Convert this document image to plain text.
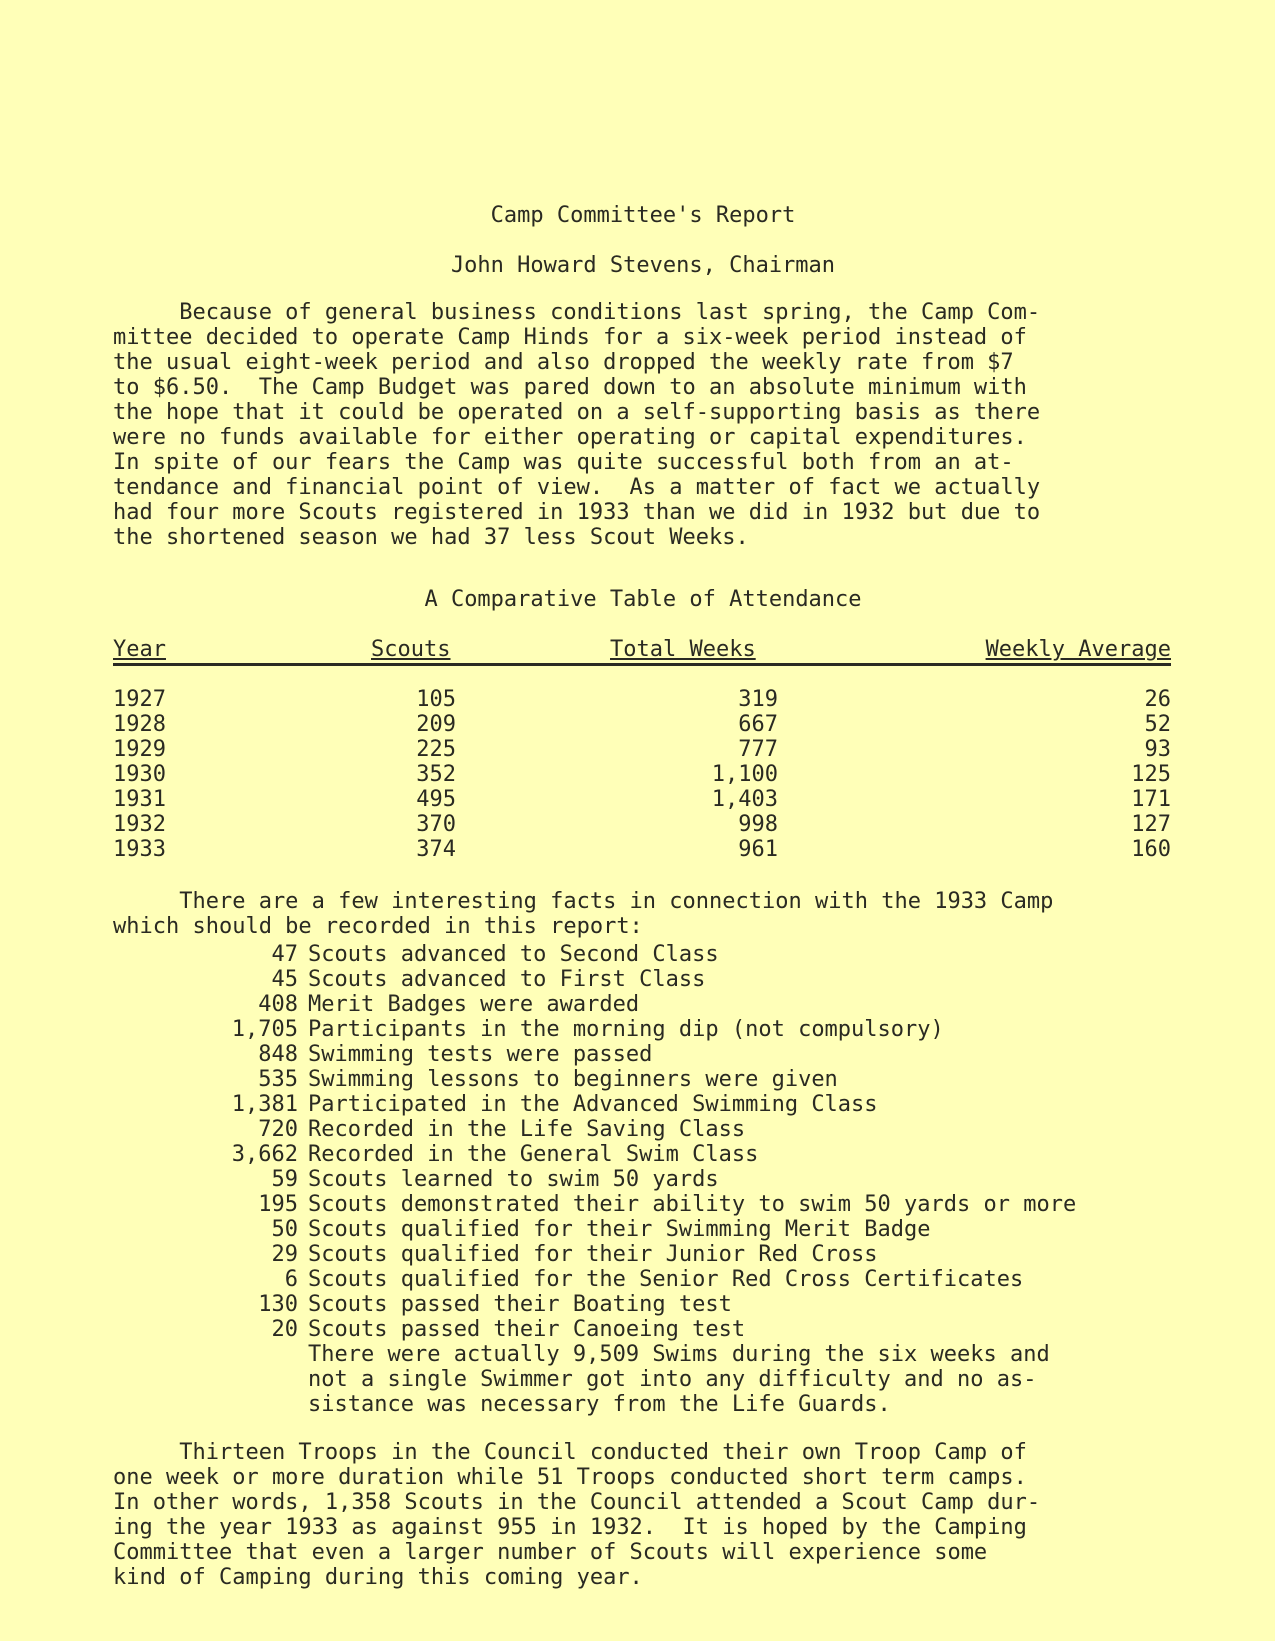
Camp Committee's Report
John Howard Stevens, Chairman
Because of general business conditions last spring, the Camp Com-
mittee decided to operate Camp Hinds for a six-week period instead of
the usual eight-week period and also dropped the weekly rate from $7
to $6.50.  The Camp Budget was pared down to an absolute minimum with
the hope that it could be operated on a self-supporting basis as there
were no funds available for either operating or capital expenditures.
In spite of our fears the Camp was quite successful both from an at-
tendance and financial point of view.  As a matter of fact we actually
had four more Scouts registered in 1933 than we did in 1932 but due to
the shortened season we had 37 less Scout Weeks.
A Comparative Table of Attendance
Year	Scouts	Total Weeks	Weekly Average
1927	105	319	26
1928	209	667	52
1929	225	777	93
1930	352	1,100	125
1931	495	1,403	171
1932	370	998	127
1933	374	961	160
There are a few interesting facts in connection with the 1933 Camp
which should be recorded in this report:
47 Scouts advanced to Second Class
45 Scouts advanced to First Class
408 Merit Badges were awarded
1,705 Participants in the morning dip (not compulsory)
848 Swimming tests were passed
535 Swimming lessons to beginners were given
1,381 Participated in the Advanced Swimming Class
720 Recorded in the Life Saving Class
3,662 Recorded in the General Swim Class
59 Scouts learned to swim 50 yards
195 Scouts demonstrated their ability to swim 50 yards or more
50 Scouts qualified for their Swimming Merit Badge
29 Scouts qualified for their Junior Red Cross
6 Scouts qualified for the Senior Red Cross Certificates
130 Scouts passed their Boating test
20 Scouts passed their Canoeing test
There were actually 9,509 Swims during the six weeks and
not a single Swimmer got into any difficulty and no as-
sistance was necessary from the Life Guards.
Thirteen Troops in the Council conducted their own Troop Camp of
one week or more duration while 51 Troops conducted short term camps.
In other words, 1,358 Scouts in the Council attended a Scout Camp dur-
ing the year 1933 as against 955 in 1932.  It is hoped by the Camping
Committee that even a larger number of Scouts will experience some
kind of Camping during this coming year.
